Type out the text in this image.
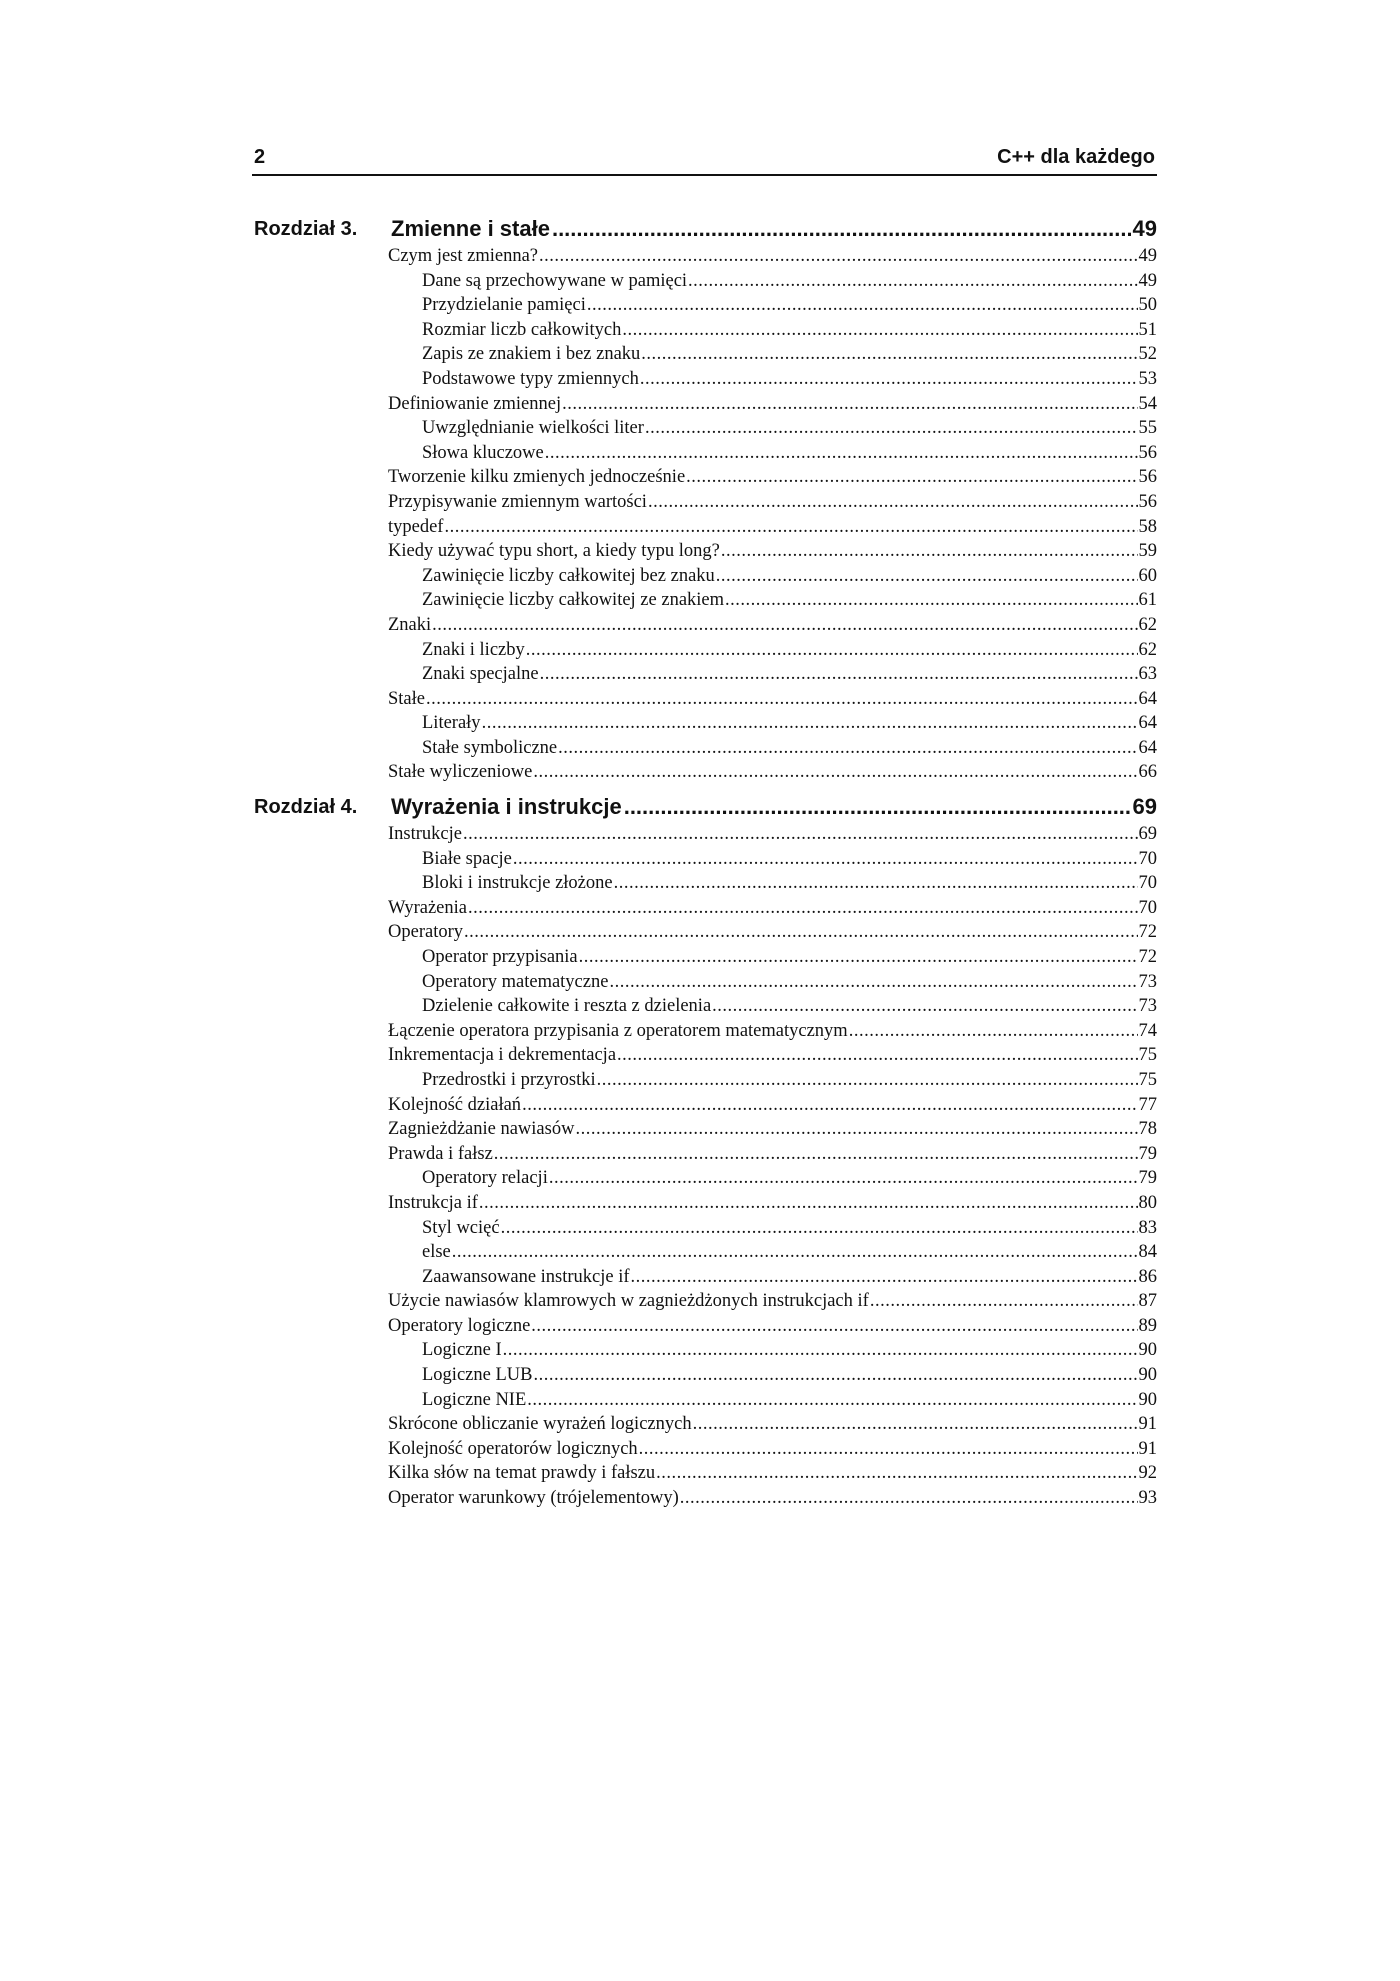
2	C++ dla każdego
Rozdział 3.	Zmienne i stałe .....	49
Czym jest zmienna? .....	49
Dane są przechowywane w pamięci .....	49
Przydzielanie pamięci .....	50
Rozmiar liczb całkowitych .....	51
Zapis ze znakiem i bez znaku .....	52
Podstawowe typy zmiennych .....	53
Definiowanie zmiennej .....	54
Uwzględnianie wielkości liter .....	55
Słowa kluczowe .....	56
Tworzenie kilku zmienych jednocześnie .....	56
Przypisywanie zmiennym wartości .....	56
typedef .....	58
Kiedy używać typu short, a kiedy typu long? .....	59
Zawinięcie liczby całkowitej bez znaku .....	60
Zawinięcie liczby całkowitej ze znakiem .....	61
Znaki .....	62
Znaki i liczby .....	62
Znaki specjalne .....	63
Stałe .....	64
Literały .....	64
Stałe symboliczne .....	64
Stałe wyliczeniowe .....	66
Rozdział 4.	Wyrażenia i instrukcje .....	69
Instrukcje .....	69
Białe spacje .....	70
Bloki i instrukcje złożone .....	70
Wyrażenia .....	70
Operatory .....	72
Operator przypisania .....	72
Operatory matematyczne .....	73
Dzielenie całkowite i reszta z dzielenia .....	73
Łączenie operatora przypisania z operatorem matematycznym .....	74
Inkrementacja i dekrementacja .....	75
Przedrostki i przyrostki .....	75
Kolejność działań .....	77
Zagnieżdżanie nawiasów .....	78
Prawda i fałsz .....	79
Operatory relacji .....	79
Instrukcja if .....	80
Styl wcięć .....	83
else .....	84
Zaawansowane instrukcje if .....	86
Użycie nawiasów klamrowych w zagnieżdżonych instrukcjach if .....	87
Operatory logiczne .....	89
Logiczne I .....	90
Logiczne LUB .....	90
Logiczne NIE .....	90
Skrócone obliczanie wyrażeń logicznych .....	91
Kolejność operatorów logicznych .....	91
Kilka słów na temat prawdy i fałszu .....	92
Operator warunkowy (trójelementowy) .....	93
